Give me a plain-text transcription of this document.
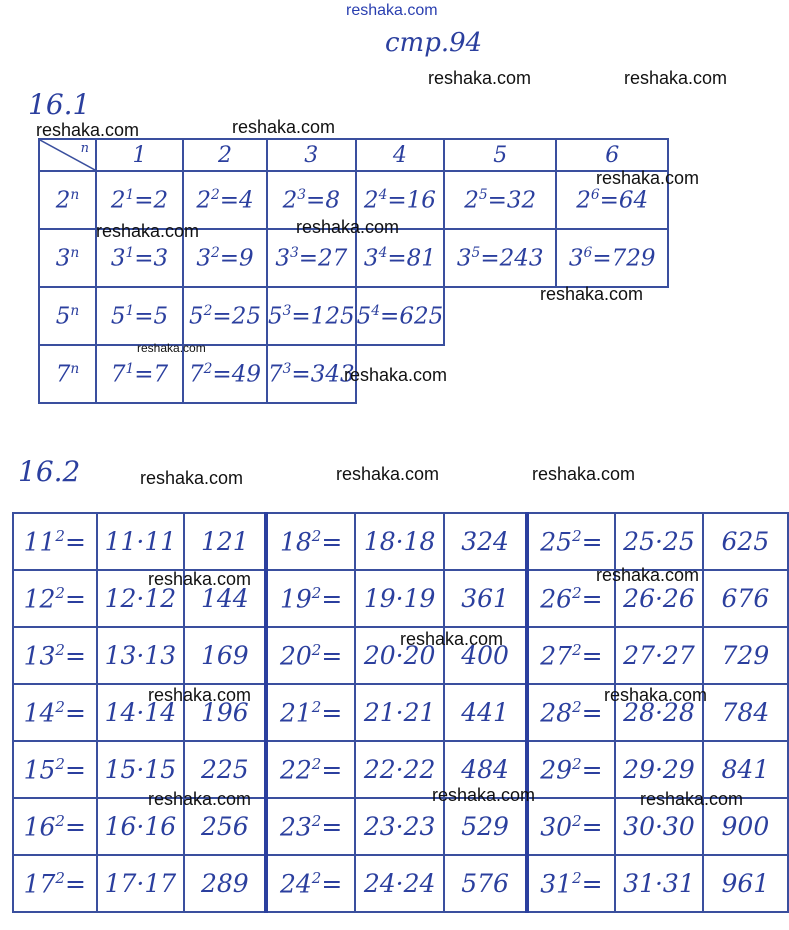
reshaka.com
стр.94
16.1
n	1	2	3	4	5	6
2$^n$	$2^1=2$	$2^2=4$	$2^3=8$	$2^4=16$	$2^5=32$	$2^6=64$
3$^n$	$3^1=3$	$3^2=9$	$3^3=27$	$3^4=81$	$3^5=243$	$3^6=729$
5$^n$	$5^1=5$	$5^2=25$	$5^3=125$	$5^4=625$		
7$^n$	$7^1=7$	$7^2=49$	$7^3=343$			
16.2
$11^2=$	11·11	121	$18^2=$	18·18	324	$25^2=$	25·25	625
$12^2=$	12·12	144	$19^2=$	19·19	361	$26^2=$	26·26	676
$13^2=$	13·13	169	$20^2=$	20·20	400	$27^2=$	27·27	729
$14^2=$	14·14	196	$21^2=$	21·21	441	$28^2=$	28·28	784
$15^2=$	15·15	225	$22^2=$	22·22	484	$29^2=$	29·29	841
$16^2=$	16·16	256	$23^2=$	23·23	529	$30^2=$	30·30	900
$17^2=$	17·17	289	$24^2=$	24·24	576	$31^2=$	31·31	961
reshaka.com	reshaka.com
reshaka.com	reshaka.com
reshaka.com
reshaka.com	reshaka.com
reshaka.com
reshaka.com
reshaka.com	reshaka.com	reshaka.com
reshaka.com	reshaka.com
reshaka.com
reshaka.com	reshaka.com
reshaka.com	reshaka.com	reshaka.com
reshaka.com
